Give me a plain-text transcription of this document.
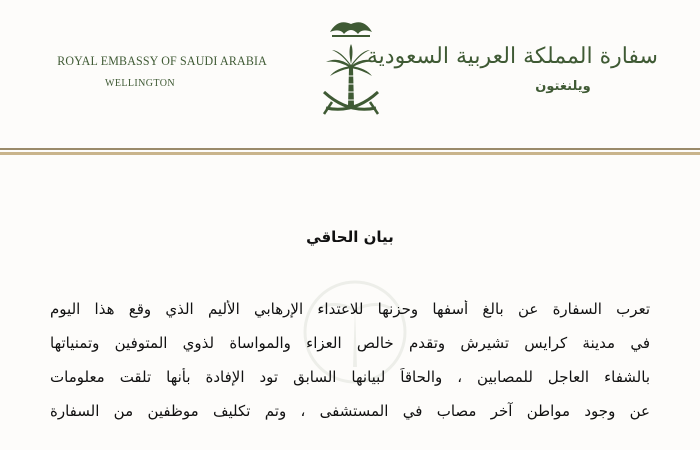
ROYAL EMBASSY OF SAUDI ARABIA
WELLINGTON
سفارة المملكة العربية السعودية
ويلنغتون
بيان الحاقي
تعرب السفارة عن بالغ أسفها وحزنها للاعتداء الإرهابي الأليم الذي وقع هذا اليوم
في مدينة كرايس تشيرش وتقدم خالص العزاء والمواساة لذوي المتوفين وتمنياتها
بالشفاء العاجل للمصابين ، والحاقاً لبيانها السابق تود الإفادة بأنها تلقت معلومات
عن وجود مواطن آخر مصاب في المستشفى ، وتم تكليف موظفين من السفارة
